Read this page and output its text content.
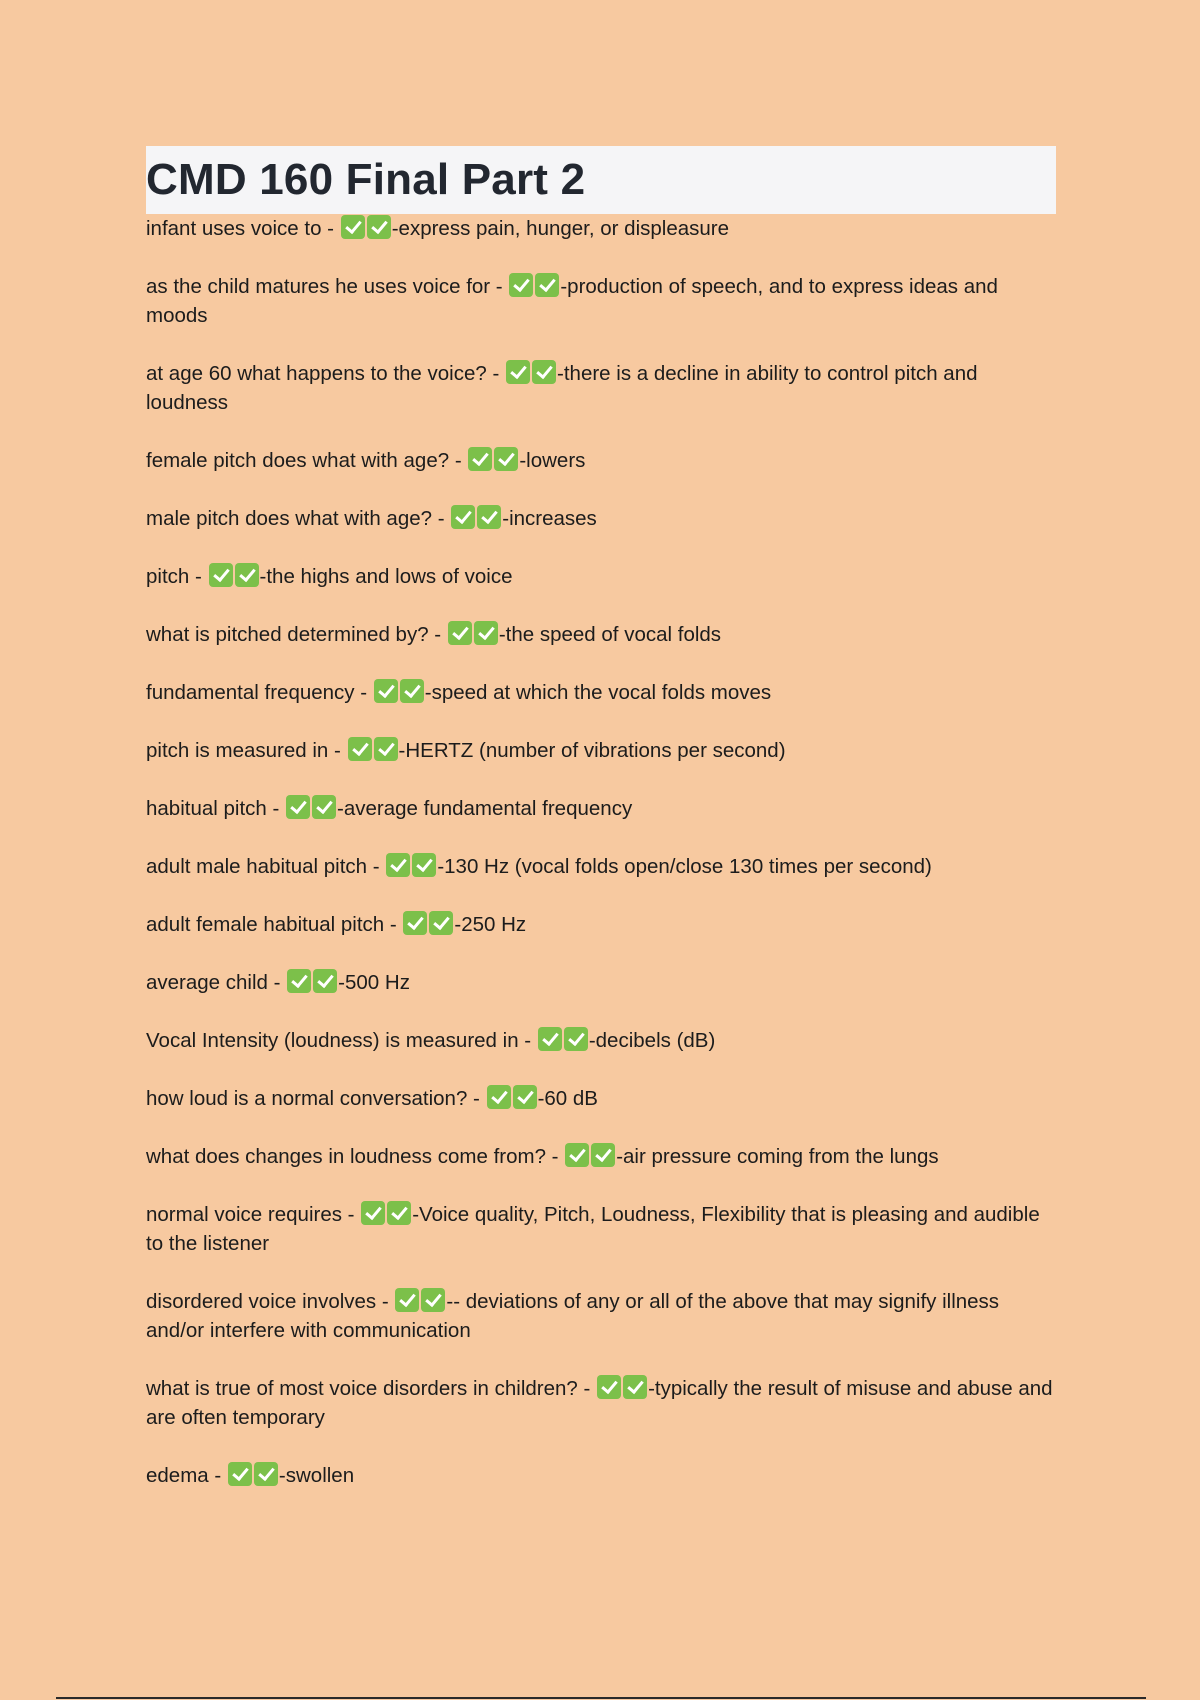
CMD 160 Final Part 2

infant uses voice to -	-express pain, hunger, or displeasure

as the child matures he uses voice for -	-production of speech, and to express ideas and moods

at age 60 what happens to the voice? -	-there is a decline in ability to control pitch and loudness

female pitch does what with age? -	-lowers

male pitch does what with age? -	-increases

pitch -	-the highs and lows of voice

what is pitched determined by? -	-the speed of vocal folds

fundamental frequency -	-speed at which the vocal folds moves

pitch is measured in -	-HERTZ (number of vibrations per second)

habitual pitch -	-average fundamental frequency

adult male habitual pitch -	-130 Hz (vocal folds open/close 130 times per second)

adult female habitual pitch -	-250 Hz

average child -	-500 Hz

Vocal Intensity (loudness) is measured in -	-decibels (dB)

how loud is a normal conversation? -	-60 dB

what does changes in loudness come from? -	-air pressure coming from the lungs

normal voice requires -	-Voice quality, Pitch, Loudness, Flexibility that is pleasing and audible to the listener

disordered voice involves -	-- deviations of any or all of the above that may signify illness and/or interfere with communication

what is true of most voice disorders in children? -	-typically the result of misuse and abuse and are often temporary

edema -	-swollen
